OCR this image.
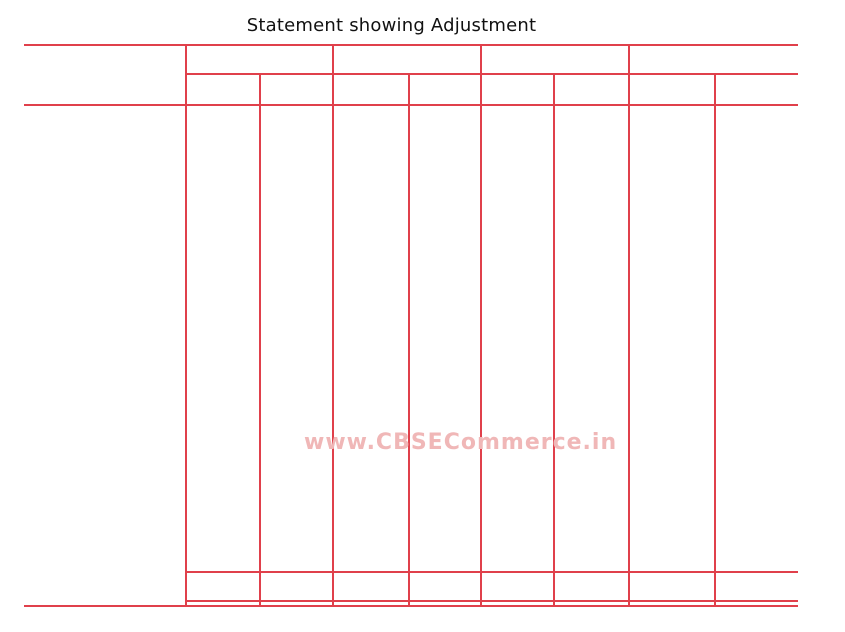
Statement showing Adjustment
www.CBSECommerce.in
